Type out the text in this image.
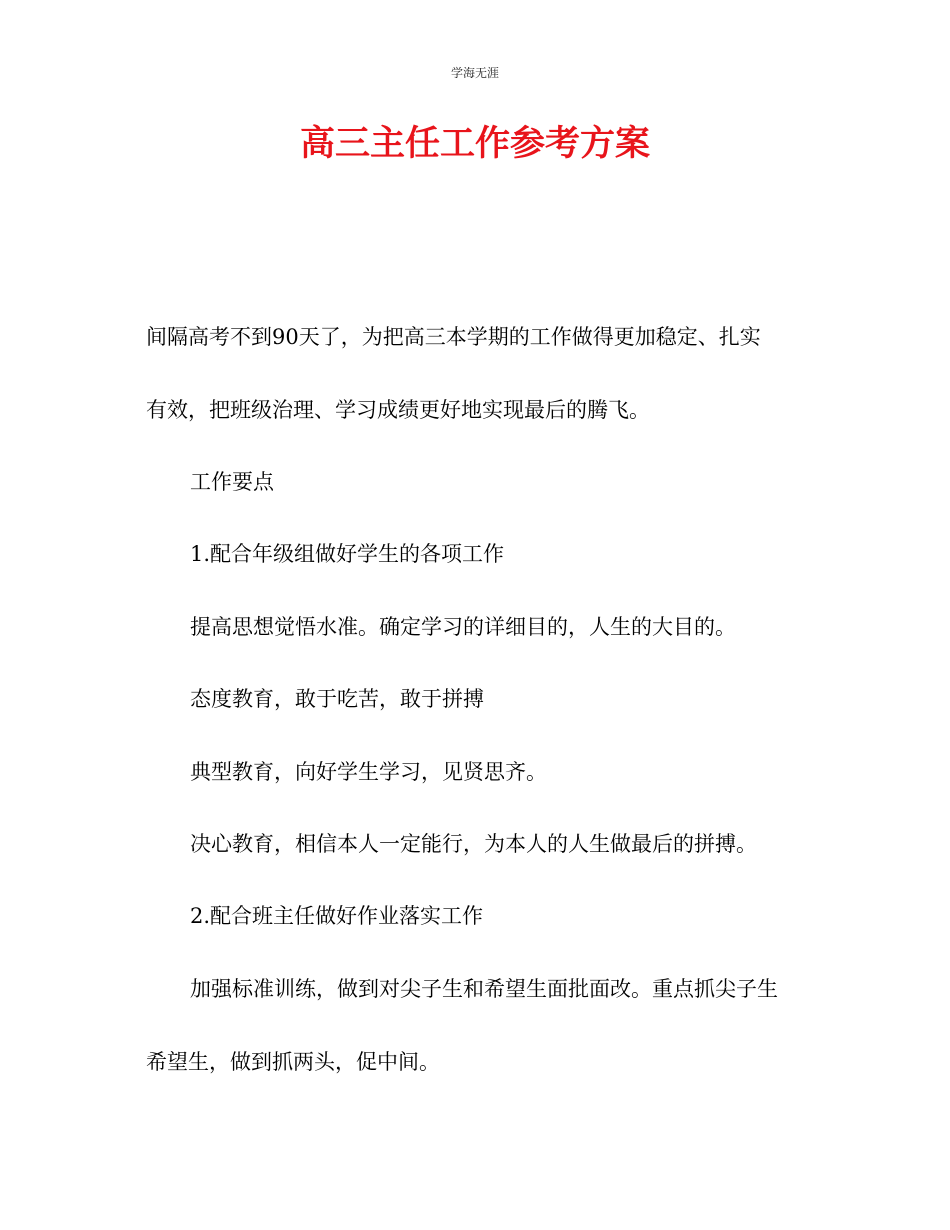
学海无涯
高三主任工作参考方案
间隔高考不到90天了，为把高三本学期的工作做得更加稳定、扎实
有效，把班级治理、学习成绩更好地实现最后的腾飞。
工作要点
1.配合年级组做好学生的各项工作
提高思想觉悟水准。确定学习的详细目的，人生的大目的。
态度教育，敢于吃苦，敢于拼搏
典型教育，向好学生学习，见贤思齐。
决心教育，相信本人一定能行，为本人的人生做最后的拼搏。
2.配合班主任做好作业落实工作
加强标准训练，做到对尖子生和希望生面批面改。重点抓尖子生
希望生，做到抓两头，促中间。
